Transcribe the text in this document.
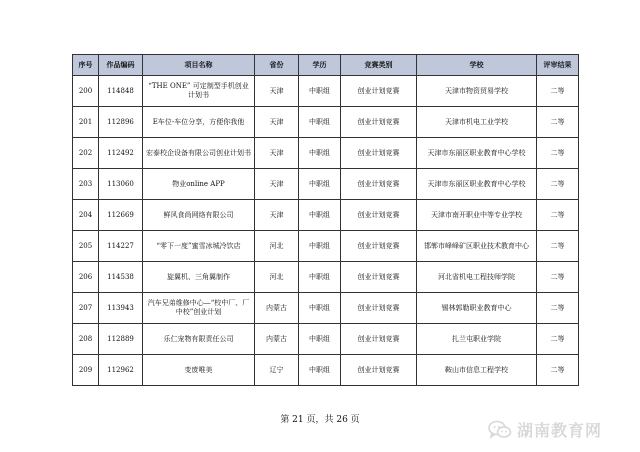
序号	作品编码	项目名称	省份	学历	竞赛类别	学校	评审结果
200	114848	“THE ONE” 可定制型手机创业计划书	天津	中职组	创业计划竞赛	天津市物资贸易学校	二等
201	112896	E车位-车位分享，方便你我他	天津	中职组	创业计划竞赛	天津市机电工业学校	二等
202	112492	宏泰校企设备有限公司创业计划书	天津	中职组	创业计划竞赛	天津市东丽区职业教育中心学校	二等
203	113060	物业online APP	天津	中职组	创业计划竞赛	天津市东丽区职业教育中心学校	二等
204	112669	鲜风食尚网络有限公司	天津	中职组	创业计划竞赛	天津市南开职业中等专业学校	二等
205	114227	“零下一度”蜜雪冰城冷饮店	河北	中职组	创业计划竞赛	邯郸市峰峰矿区职业技术教育中心	二等
206	114538	旋翼机、三角翼制作	河北	中职组	创业计划竞赛	河北省机电工程技师学院	二等
207	113943	汽车兄弟维修中心—“校中厂、厂中校”创业计划	内蒙古	中职组	创业计划竞赛	锡林郭勒职业教育中心	二等
208	112889	乐仁宠物有限责任公司	内蒙古	中职组	创业计划竞赛	扎兰屯职业学院	二等
209	112962	变废唯美	辽宁	中职组	创业计划竞赛	鞍山市信息工程学校	二等
第 21 页，共 26 页
湖南教育网
